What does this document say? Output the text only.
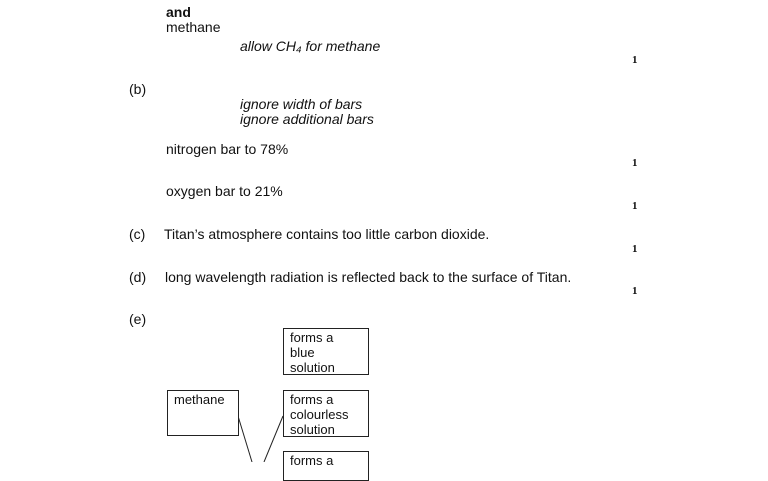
and
methane
allow CH₄ for methane
1
(b)
ignore width of bars
ignore additional bars
nitrogen bar to 78%
1
oxygen bar to 21%
1
(c) Titan’s atmosphere contains too little carbon dioxide.
1
(d) long wavelength radiation is reflected back to the surface of Titan.
1
(e)
methane
forms a
blue
solution
forms a
colourless
solution
forms a
